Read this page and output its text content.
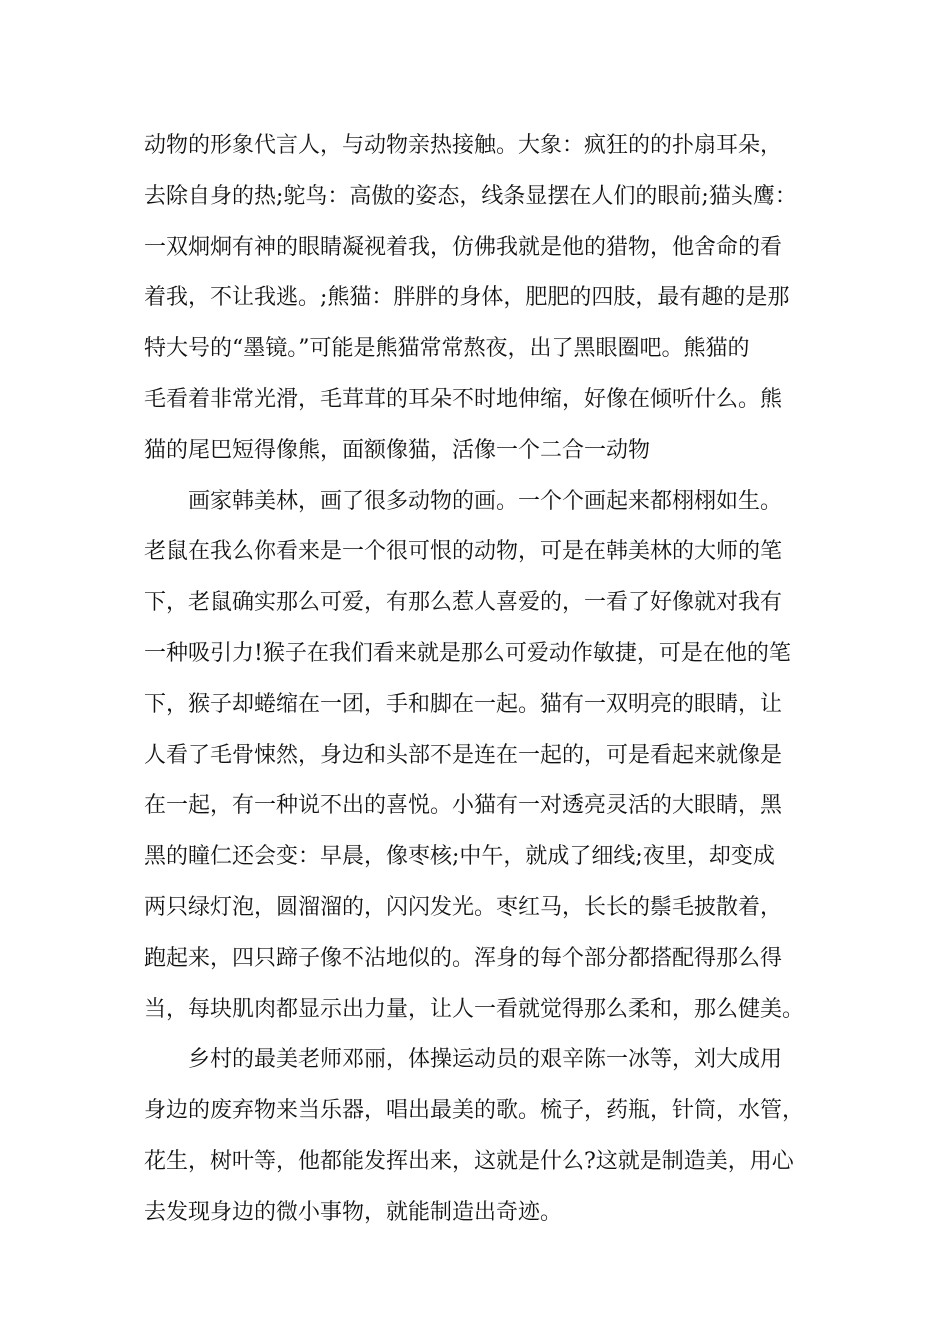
动物的形象代言人，与动物亲热接触。大象：疯狂的的扑扇耳朵，
去除自身的热;鸵鸟：高傲的姿态，线条显摆在人们的眼前;猫头鹰：
一双炯炯有神的眼睛凝视着我，仿佛我就是他的猎物，他舍命的看
着我，不让我逃。;熊猫：胖胖的身体，肥肥的四肢，最有趣的是那
特大号的“墨镜。”可能是熊猫常常熬夜，出了黑眼圈吧。熊猫的
毛看着非常光滑，毛茸茸的耳朵不时地伸缩，好像在倾听什么。熊
猫的尾巴短得像熊，面额像猫，活像一个二合一动物
　　画家韩美林，画了很多动物的画。一个个画起来都栩栩如生。
老鼠在我么你看来是一个很可恨的动物，可是在韩美林的大师的笔
下，老鼠确实那么可爱，有那么惹人喜爱的，一看了好像就对我有
一种吸引力!猴子在我们看来就是那么可爱动作敏捷，可是在他的笔
下，猴子却蜷缩在一团，手和脚在一起。猫有一双明亮的眼睛，让
人看了毛骨悚然，身边和头部不是连在一起的，可是看起来就像是
在一起，有一种说不出的喜悦。小猫有一对透亮灵活的大眼睛，黑
黑的瞳仁还会变：早晨，像枣核;中午，就成了细线;夜里，却变成
两只绿灯泡，圆溜溜的，闪闪发光。枣红马，长长的鬃毛披散着，
跑起来，四只蹄子像不沾地似的。浑身的每个部分都搭配得那么得
当，每块肌肉都显示出力量，让人一看就觉得那么柔和，那么健美。
　　乡村的最美老师邓丽，体操运动员的艰辛陈一冰等，刘大成用
身边的废弃物来当乐器，唱出最美的歌。梳子，药瓶，针筒，水管，
花生，树叶等，他都能发挥出来，这就是什么?这就是制造美，用心
去发现身边的微小事物，就能制造出奇迹。
